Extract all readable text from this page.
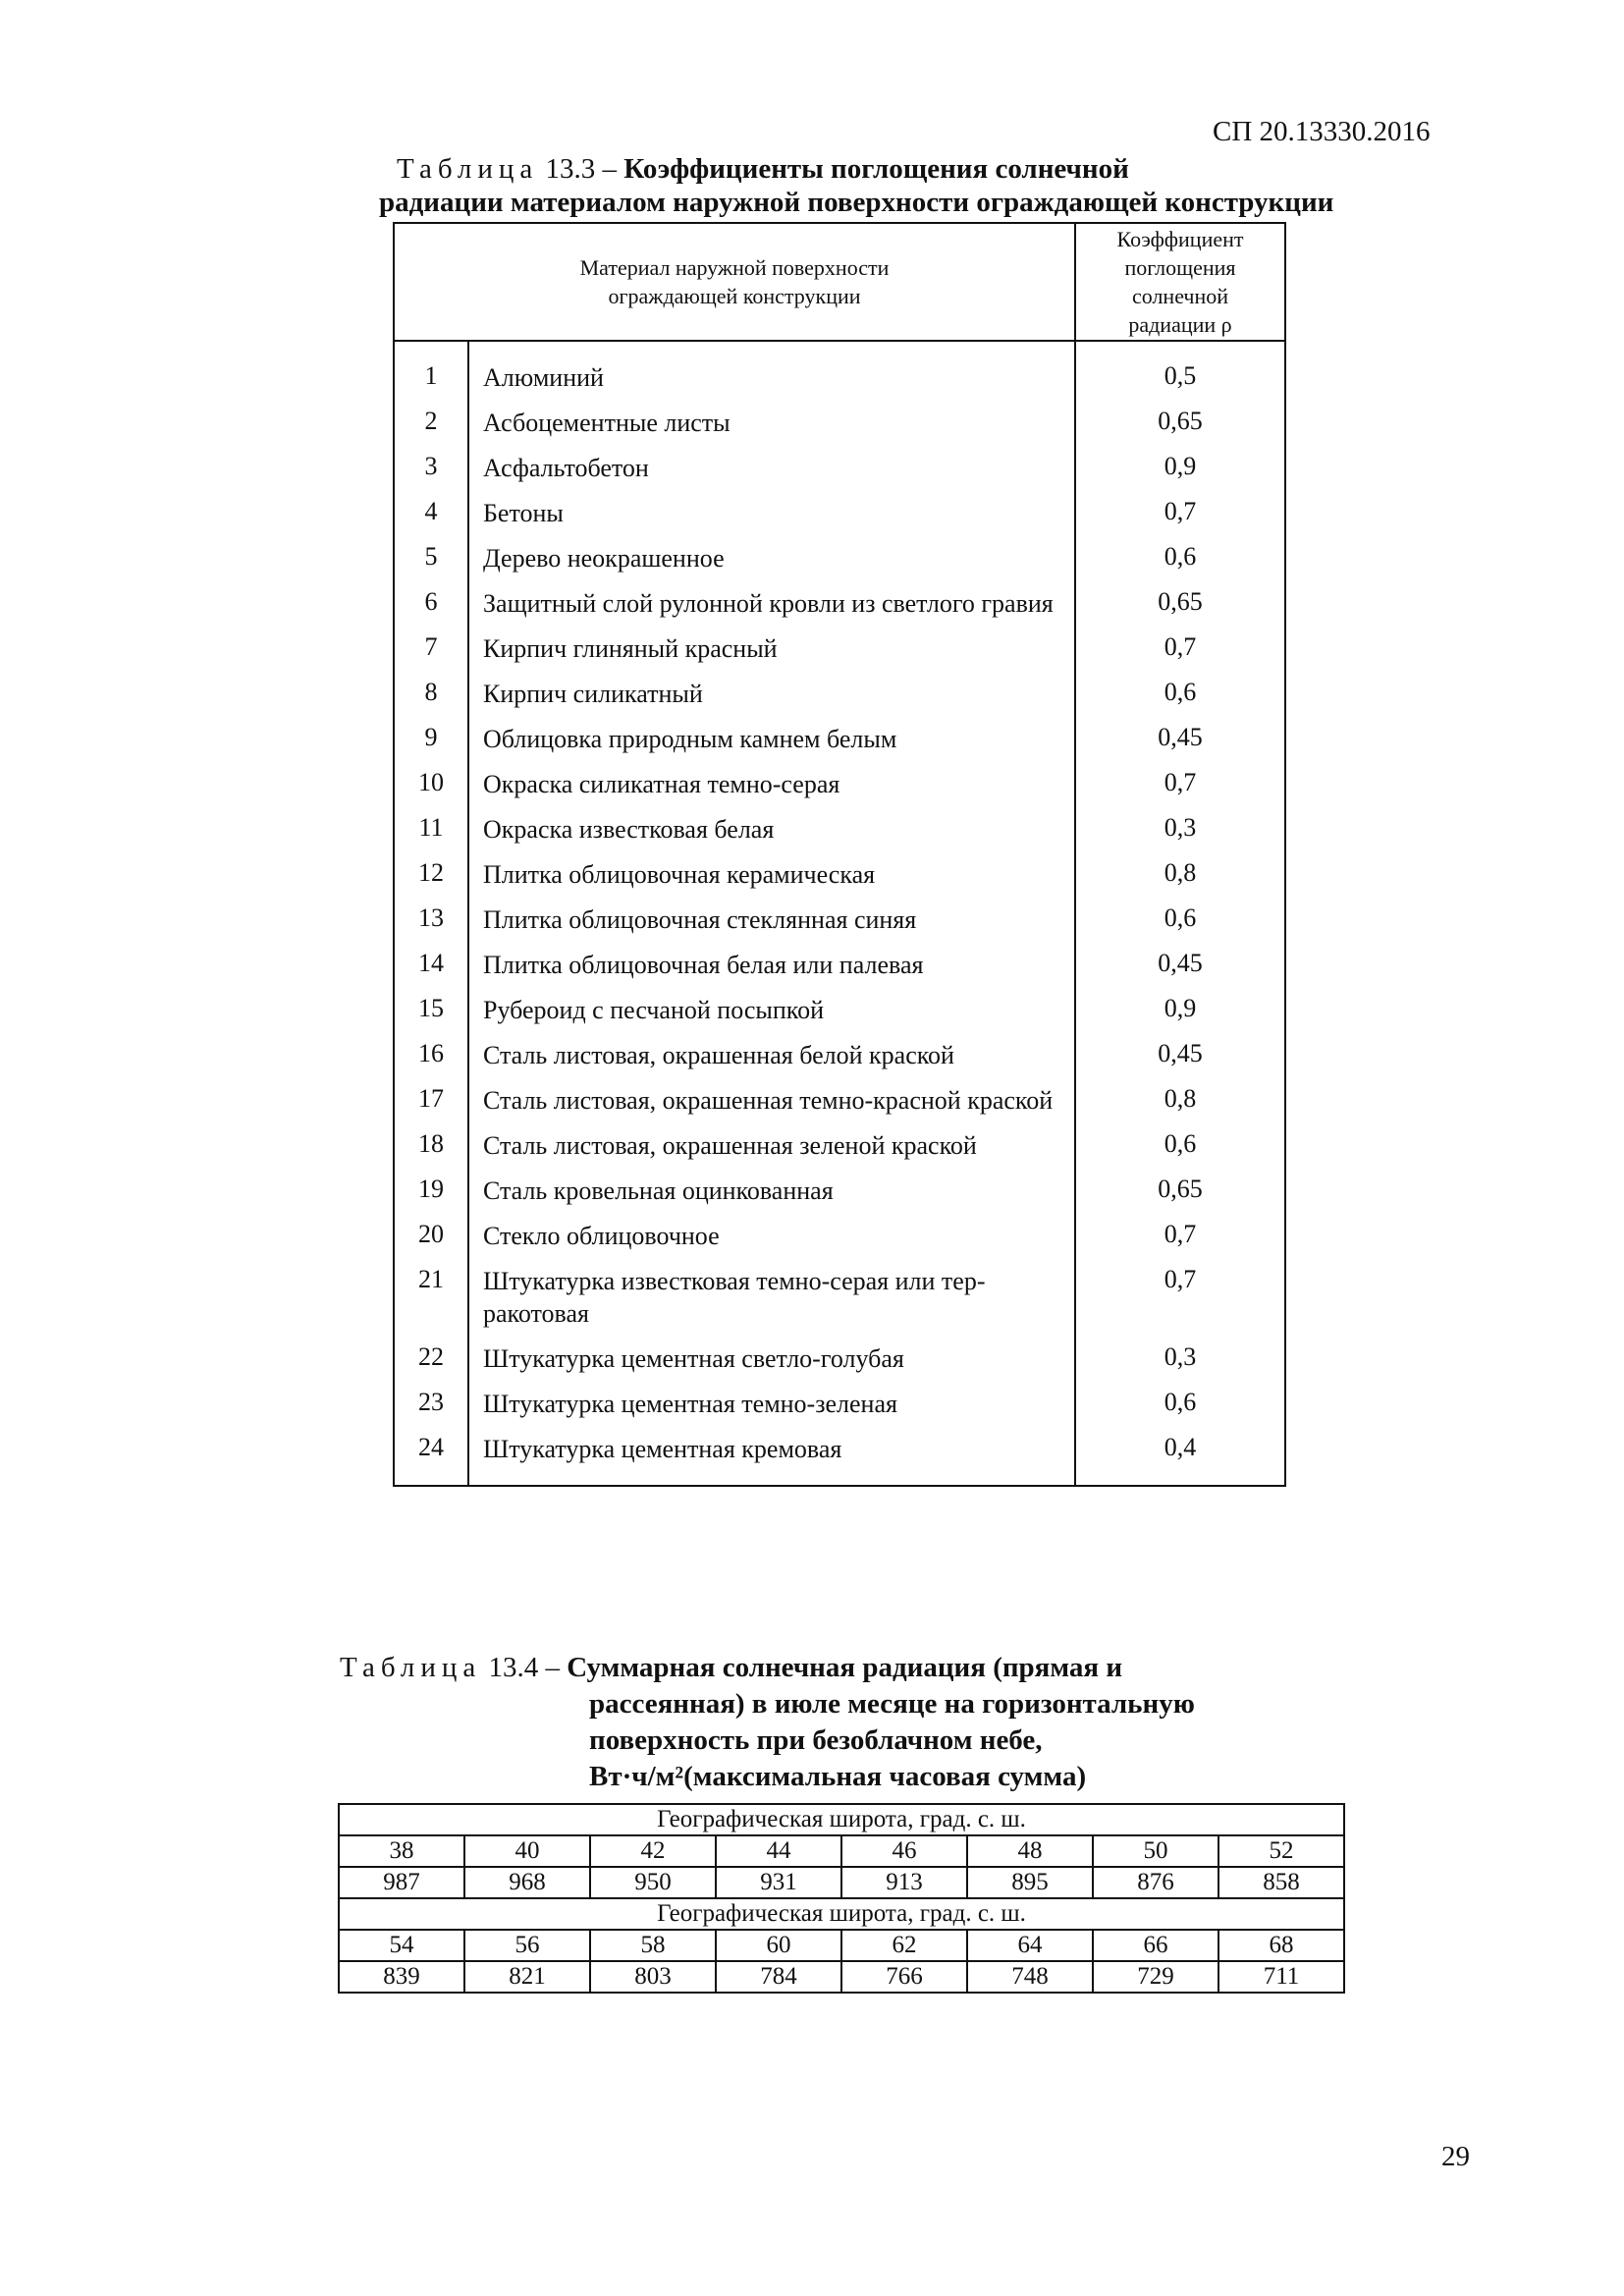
СП 20.13330.2016
Таблица 13.3 – Коэффициенты поглощения солнечной
радиации материалом наружной поверхности ограждающей конструкции
Материал наружной поверхности ограждающей конструкции		Коэффициент поглощения солнечной радиации ρ

1	Алюминий	0,5
2	Асбоцементные листы	0,65
3	Асфальтобетон	0,9
4	Бетоны	0,7
5	Дерево неокрашенное	0,6
6	Защитный слой рулонной кровли из светлого гравия	0,65
7	Кирпич глиняный красный	0,7
8	Кирпич силикатный	0,6
9	Облицовка природным камнем белым	0,45
10	Окраска силикатная темно-серая	0,7
11	Окраска известковая белая	0,3
12	Плитка облицовочная керамическая	0,8
13	Плитка облицовочная стеклянная синяя	0,6
14	Плитка облицовочная белая или палевая	0,45
15	Рубероид с песчаной посыпкой	0,9
16	Сталь листовая, окрашенная белой краской	0,45
17	Сталь листовая, окрашенная темно-красной краской	0,8
18	Сталь листовая, окрашенная зеленой краской	0,6
19	Сталь кровельная оцинкованная	0,65
20	Стекло облицовочное	0,7
21	Штукатурка известковая темно-серая или тер-ракотовая	0,7
22	Штукатурка цементная светло-голубая	0,3
23	Штукатурка цементная темно-зеленая	0,6
24	Штукатурка цементная кремовая	0,4
Таблица 13.4 – Суммарная солнечная радиация (прямая и
рассеянная) в июле месяце на горизонтальную
поверхность при безоблачном небе,
Вт·ч/м²(максимальная часовая сумма)
Географическая широта, град. с. ш.							
38	40	42	44	46	48	50	52
987	968	950	931	913	895	876	858
Географическая широта, град. с. ш.							
54	56	58	60	62	64	66	68
839	821	803	784	766	748	729	711
29
